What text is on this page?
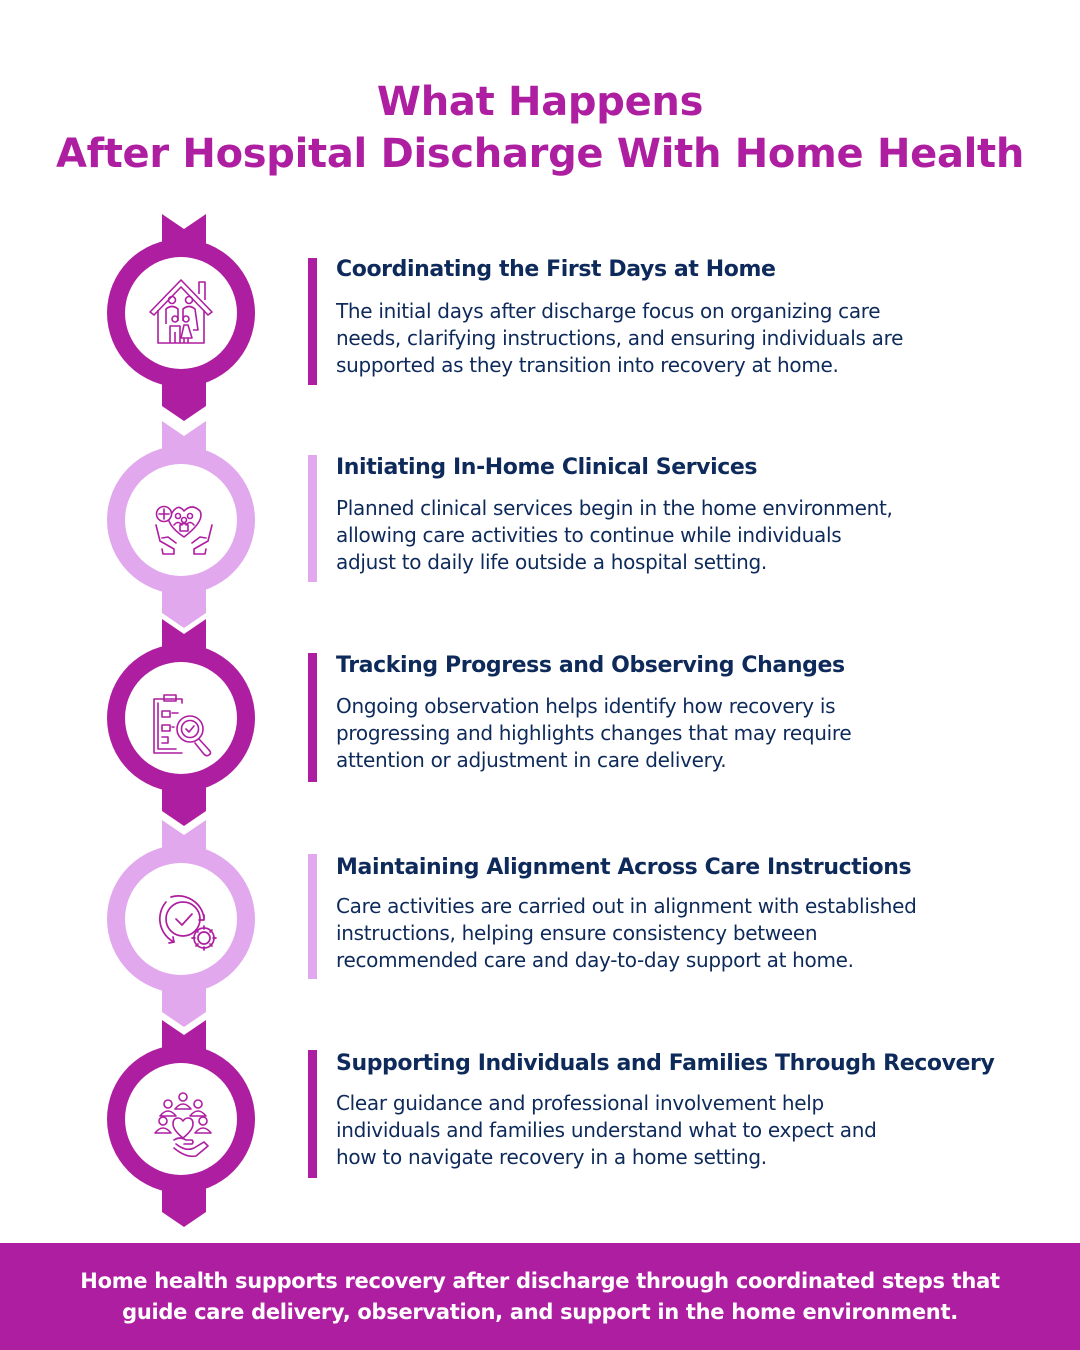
What Happens
After Hospital Discharge With Home Health
Coordinating the First Days at Home
The initial days after discharge focus on organizing care
needs, clarifying instructions, and ensuring individuals are
supported as they transition into recovery at home.
Initiating In-Home Clinical Services
Planned clinical services begin in the home environment,
allowing care activities to continue while individuals
adjust to daily life outside a hospital setting.
Tracking Progress and Observing Changes
Ongoing observation helps identify how recovery is
progressing and highlights changes that may require
attention or adjustment in care delivery.
Maintaining Alignment Across Care Instructions
Care activities are carried out in alignment with established
instructions, helping ensure consistency between
recommended care and day-to-day support at home.
Supporting Individuals and Families Through Recovery
Clear guidance and professional involvement help
individuals and families understand what to expect and
how to navigate recovery in a home setting.
Home health supports recovery after discharge through coordinated steps that
guide care delivery, observation, and support in the home environment.
